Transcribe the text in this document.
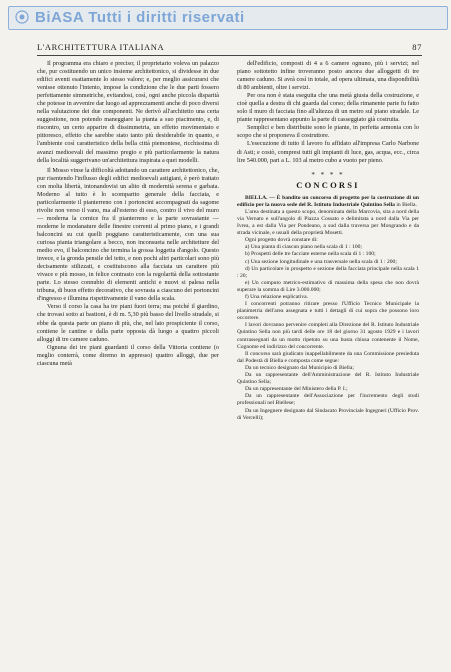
BiASA Tutti i diritti riservati
L'ARCHITETTURA ITALIANA	87

Il programma era chiaro e preciso; il proprietario voleva un palazzo che, pur costituendo un unico insieme architettonico, si dividesse in due edifici aventi esattamente lo stesso valore; e, per meglio assicurarsi che venisse ottenuto l'intento, impose la condizione che le due parti fossero perfettamente simmetriche, evitandosi, così, ogni anche piccola disparità che potesse in avvenire dar luogo ad apprezzamenti anche di poco diversi nella valutazione dei due componenti. Ne derivò all'architetto una certa suggestione, non potendo maneggiare la pianta a suo piacimento, e, di riscontro, un certo apparire di dissimmetria, un effetto movimentato e pittoresco, effetto che sarebbe stato tanto più desiderabile in quanto, e l'ambiente così caratteristico della bella città piemontese, ricchissima di avanzi medioevali del massimo pregio e più particolarmente la natura della località suggerivano un'architettura inspirata a quei modelli.

Il Mosso vinse la difficoltà adottando un carattere architettonico, che, pur risentendo l'influsso degli edifici medioevali astigiani, è però trattato con molta libertà, intonandovisi un alito di modernità serena e garbata. Moderno al tutto è lo scompartto generale della facciata, e particolarmente il pianterreno con i portoncini accompagnati da sagome rivolte non verso il vano, ma all'esterno di esso, contro il vivo del muro — moderna la cornice fra il pianterreno e la parte sovrastante — moderne le modanature delle finestre correnti al primo piano, e i grandi balconcini su cui quelli poggiano caratteristicamente, con una sua curiosa pianta triangolare a becco, non inconsueta nelle architetture del medio evo, il balconcino che termina la grossa loggetta d'angolo. Questo invece, e la gronda pensile del tetto, e non pochi altri particolari sono più decisamente stilizzati, e costituiscono alla facciata un carattere più vivace e più mosso, in felice contrasto con la regolarità della sottostante parte. Lo stesso connubio di elementi antichi e nuovi si palesa nella tribuna, di buon effetto decorativo, che sovrasta a ciascuno dei portoncini d'ingresso e illumina rispettivamente il vano della scala.

Verso il corso la casa ha tre piani fuori terra; ma poiché il giardino, che trovasi sotto ai bastioni, è di m. 5,30 più basso del livello stradale, si ebbe da questa parte un piano di più, che, nel lato prospiciente il corso, contiene le cantine e dalla parte opposta dà luogo a quattro piccoli alloggi di tre camere caduno.

Ognuna dei tre piani guardanti il corso della Vittoria contiene (o meglio conterrà, come diremo in appresso) quattro alloggi, due per ciascuna metà

dell'edificio, composti di 4 a 6 camere ognuno, più i servizi; nel piano sottotetto infine troveranno posto ancora due alloggetti di tre camere caduno. Si avrà così in totale, ad opera ultimata, una disponibilità di 80 ambienti, oltre i servizi.

Per ora non è stata eseguita che una metà giusta della costruzione, e cioè quella a destra di chi guarda dal corso; della rimanente parte fu fatto solo il muro di facciata fino all'altezza di un metro sul piano stradale. Le piante rappresentano appunto la parte di casseggiato già costruita.

Semplici e ben distribuite sono le piante, in perfetta armonia con lo scopo che si proponeva il costruttore.

L'esecuzione di tutto il lavoro fu affidato all'impresa Carlo Narbone di Asti; e costò, compresi tutti gli impianti di luce, gas, acqua, ecc., circa lire 540.000, pari a L. 103 al metro cubo a vuoto per pieno.

* * * *
CONCORSI

BIELLA. — È bandito un concorso di progetto per la costruzione di un edificio per la nuova sede del R. Istituto Industriale Quintino Sella in Biella.

L'area destinata a questo scopo, denominata della Marcovia, sita a nord della via Vernato e sull'angolo di Piazza Cossato e delimitata a nord dalla Via per Ivrea, a est dalla Via per Pondeano, a sud dalla traversa per Mongrando e da strada vicinale, e usuali della proprietà Mosetti.

Ogni progetto dovrà constare di:

a) Una pianta di ciascun piano nella scala di 1 : 100;

b) Prospetti delle tre facciate esterne nella scala di 1 : 100;

c) Una sezione longitudinale e una trasversale nella scala di 1 : 200;

d) Un particolare in prospetto e sezione della facciata principale nella scala 1 : 20;

e) Un computo metrico-estimativo di massima della spesa che non dovrà superare la somma di Lire 3.000.000;

f) Una relazione esplicativa.

I concorrenti potranno ritirare presso l'Ufficio Tecnico Municipale la planimetria dell'area assegnata e tutti i dettagli di cui sopra che possono loro occorrere.

I lavori dovranno pervenire completi alla Direzione del R. Istituto Industriale Quintino Sella non più tardi delle ore 18 del giorno 31 agosto 1929 e i lavori contrassegnati da un motto ripetuto su una busta chiusa contenente il Nome, Cognome ed indirizzo del concorrente.

Il concorso sarà giudicato inappellabilmente da una Commissione presieduta dal Podestà di Biella e composta come segue:

Da un tecnico designato dal Municipio di Biella;

Da un rappresentante dell'Amministrazione del R. Istituto Industriale Quintino Sella;

Da un rappresentante del Ministero della P. I.;

Da un rappresentante dell'Associazione per l'incremento degli studi professionali nel Biellese;

Da un Ingegnere designato dal Sindacato Provinciale Ingegneri (Ufficio Prov. di Vercelli);
